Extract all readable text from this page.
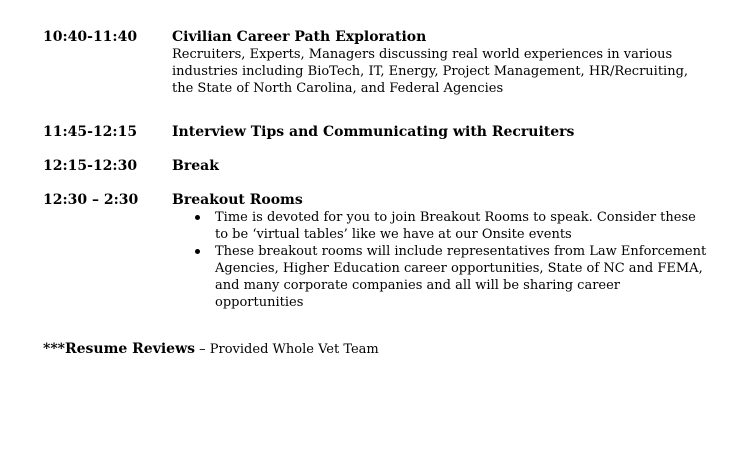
10:40-11:40 Civilian Career Path Exploration
Recruiters, Experts, Managers discussing real world experiences in various industries including BioTech, IT, Energy, Project Management, HR/Recruiting, the State of North Carolina, and Federal Agencies
11:45-12:15 Interview Tips and Communicating with Recruiters
12:15-12:30 Break
12:30 – 2:30 Breakout Rooms
Time is devoted for you to join Breakout Rooms to speak. Consider these to be ‘virtual tables’ like we have at our Onsite events
These breakout rooms will include representatives from Law Enforcement Agencies, Higher Education career opportunities, State of NC and FEMA, and many corporate companies and all will be sharing career opportunities
***Resume Reviews – Provided Whole Vet Team
